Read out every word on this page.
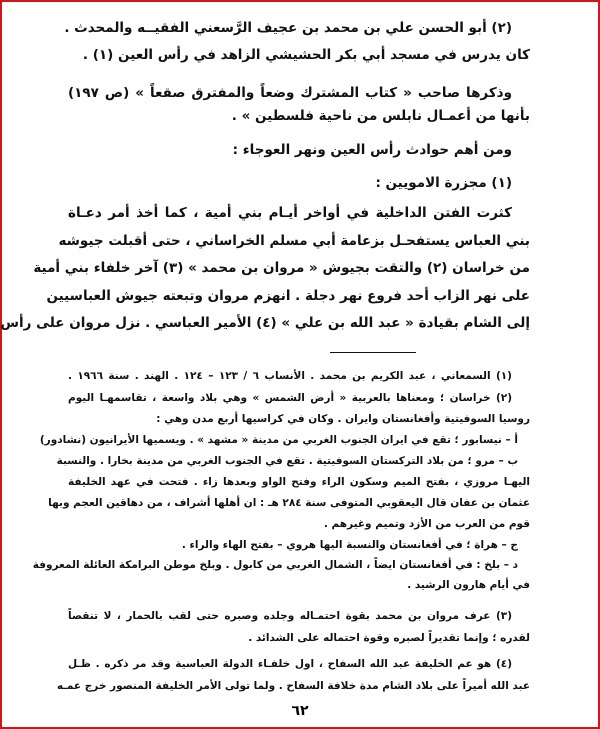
(٢) أبو الحسن علي بن محمد بن عجيف الرَّسعني الفقيــه والمحدث .
كان يدرس في مسجد أبي بكر الحشيشي الزاهد في رأس العين (١) .
وذكرها صاحب « كتاب المشترك وضعاً والمفترق صقعاً » (ص ١٩٧)
بأنها من أعمـال نابلس من ناحية فلسطين » .
ومن أهم حوادث رأس العين ونهر العوجاء :
(١) مجزرة الامويين :
كثرت الفتن الداخلية في أواخر أيـام بني أمية ، كما أخذ أمر دعـاة
بني العباس يستفحـل بزعامة أبي مسلم الخراساني ، حتى أقبلت جيوشه
من خراسان (٢) والتقت بجيوش « مروان بن محمد » (٣) آخر خلفاء بني أمية
على نهر الزاب أحد فروع نهر دجلة . انهزم مروان وتبعته جيوش العباسيين
إلى الشام بقيادة « عبد الله بن علي » (٤) الأمير العباسي . نزل مروان على رأس
(١) السمعاني ، عبد الكريم بن محمد . الأنساب ٦ / ١٢٣ – ١٢٤ . الهند . سنة ١٩٦٦ .
(٢) خراسان ؛ ومعناها بالعربية « أرض الشمس » وهي بلاد واسعة ، تقاسمهـا اليوم
روسيا السوفيتية وأفغانستان وايران . وكان في كراسيها أربع مدن وهي :
أ – نيسابور ؛ تقع في ايران الجنوب الغربي من مدينة « مشهد » . ويسميها الأيرانيون (نشادور)
ب – مرو ؛ من بلاد التركستان السوفيتية . تقع في الجنوب الغربي من مدينة بخارا . والنسبة
اليهـا مروزي ، بفتح الميم وسكون الراء وفتح الواو وبعدها زاء . فتحت في عهد الخليفة
عثمان بن عفان قال اليعقوبي المتوفى سنة ٢٨٤ هـ : ان أهلها أشراف ، من دهاقين العجم وبها
قوم من العرب من الأزد وتميم وغيرهم .
ج – هراة ؛ في أفغانستان والنسبة اليها هروي – بفتح الهاء والراء .
د – بلخ : في أفغانستان ايضاً ، الشمال الغربي من كابول . وبلخ موطن البرامكة العائلة المعروفة
في أيام هارون الرشيد .
(٣) عرف مروان بن محمد بقوة احتمـاله وجلده وصبره حتى لقب بالحمار ، لا تنقصاً
لقدره ؛ وإنما تقديراً لصبره وقوة احتماله على الشدائد .
(٤) هو عم الخليفة عبد الله السفاح ، اول خلفـاء الدولة العباسية وقد مر ذكره . ظـل
عبد الله أميراً على بلاد الشام مدة خلافة السفاح . ولما تولى الأمر الخليفة المنصور خرج عمـه
٦٢
